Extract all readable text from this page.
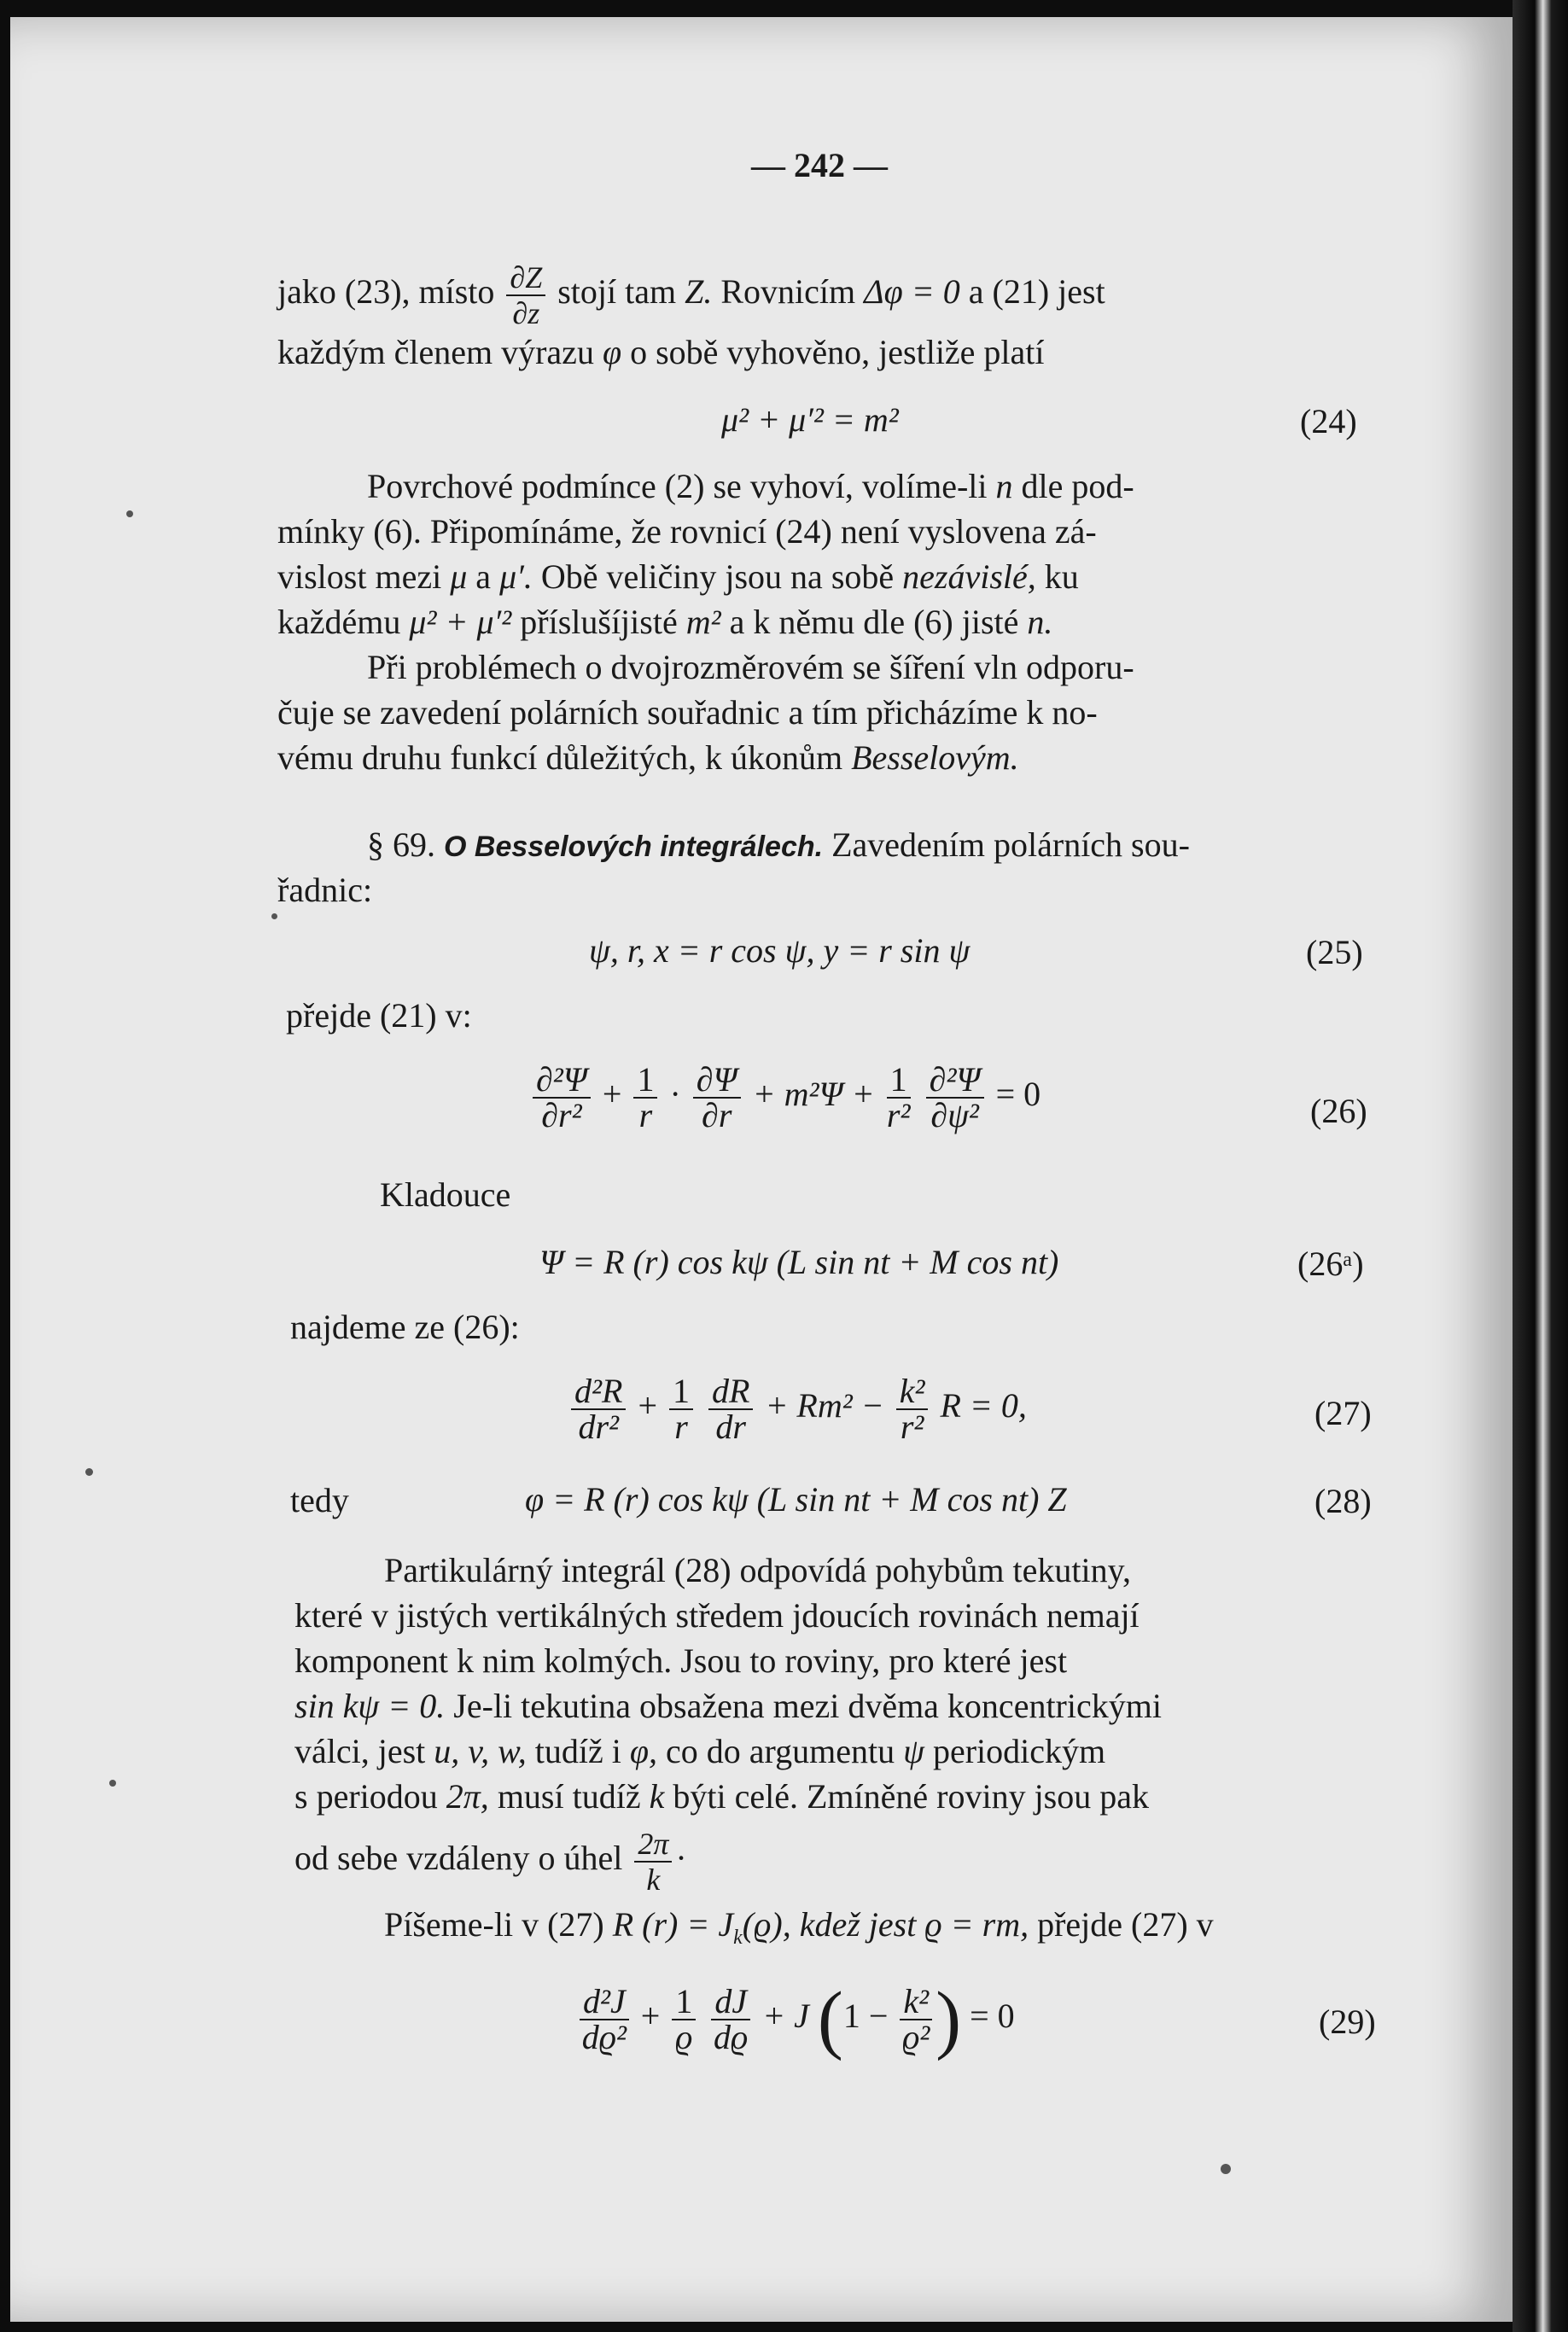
— 242 —
jako (23), místo $\frac{\partial Z}{\partial z}$ stojí tam Z. Rovnicím Δφ = 0 a (21) jest
každým členem výrazu φ o sobě vyhověno, jestliže platí
μ² + μ′² = m²	(24)
Povrchové podmínce (2) se vyhoví, volíme-li n dle pod-
mínky (6). Připomínáme, že rovnicí (24) není vyslovena zá-
vislost mezi μ a μ′. Obě veličiny jsou na sobě nezávislé, ku
každému μ² + μ′² příslušíjisté m² a k němu dle (6) jisté n.
Při problémech o dvojrozměrovém se šíření vln odporu-
čuje se zavedení polárních souřadnic a tím přicházíme k no-
vému druhu funkcí důležitých, k úkonům Besselovým.
§ 69. O Besselových integrálech. Zavedením polárních sou-
řadnic:
ψ, r, x = r cos ψ, y = r sin ψ	(25)
přejde (21) v:
$\frac{\text{∂²Ψ}}{\text{∂r²}} + \frac{1}{r} \cdot \frac{\partial\Psi}{\partial r} + m^2\Psi + \frac{1}{\text{r²}}$
$\frac{\text{∂²Ψ}}{\text{∂ψ²}} = 0$	(26)
Kladouce
Ψ = R (r) cos kψ (L sin nt + M cos nt)	(26ᵃ)
najdeme ze (26):
$\frac{\text{d²R}}{\text{dr²}} + \frac{1}{r}$
$\frac{dR}{dr} + Rm^2 - \frac{\text{k²}}{\text{r²}}$ R = 0,	(27)
tedy	φ = R (r) cos kψ (L sin nt + M cos nt) Z	(28)
Partikulárný integrál (28) odpovídá pohybům tekutiny,
které v jistých vertikálných středem jdoucích rovinách nemají
komponent k nim kolmých. Jsou to roviny, pro které jest
sin kψ = 0. Je-li tekutina obsažena mezi dvěma koncentrickými
válci, jest u, v, w, tudíž i φ, co do argumentu ψ periodickým
s periodou 2π, musí tudíž k býti celé. Zmíněné roviny jsou pak
od sebe vzdáleny o úhel $\frac{2\pi}{k}$ ·
Píšeme-li v (27) R $(r) = J_k(ϱ)$, kdež jest ϱ = rm, přejde (27) v
$\frac{\text{d²J}}{\text{dϱ²}} + \frac{1}{ϱ}$
$\frac{dJ}{dϱ} + J$ ($1 - \frac{\text{k²}}{\text{ϱ²}}$ ) = 0	(29)
